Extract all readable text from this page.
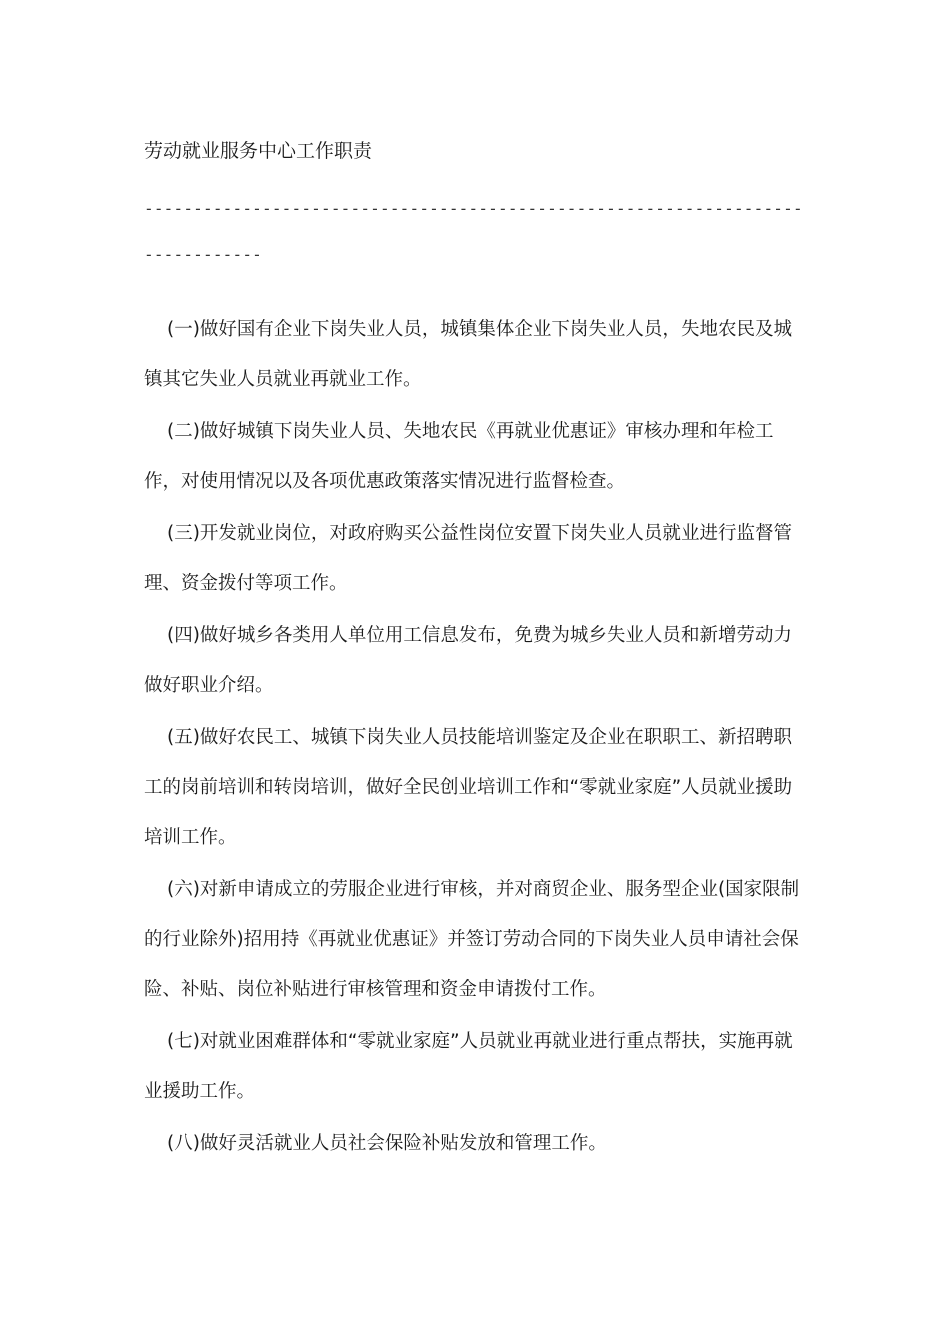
劳动就业服务中心工作职责
-------------------------------------------------------------------------------

(一)做好国有企业下岗失业人员，城镇集体企业下岗失业人员，失地农民及城镇其它失业人员就业再就业工作。

(二)做好城镇下岗失业人员、失地农民《再就业优惠证》审核办理和年检工作，对使用情况以及各项优惠政策落实情况进行监督检查。

(三)开发就业岗位，对政府购买公益性岗位安置下岗失业人员就业进行监督管理、资金拨付等项工作。

(四)做好城乡各类用人单位用工信息发布，免费为城乡失业人员和新增劳动力做好职业介绍。

(五)做好农民工、城镇下岗失业人员技能培训鉴定及企业在职职工、新招聘职工的岗前培训和转岗培训，做好全民创业培训工作和“零就业家庭”人员就业援助培训工作。

(六)对新申请成立的劳服企业进行审核，并对商贸企业、服务型企业(国家限制的行业除外)招用持《再就业优惠证》并签订劳动合同的下岗失业人员申请社会保险、补贴、岗位补贴进行审核管理和资金申请拨付工作。

(七)对就业困难群体和“零就业家庭”人员就业再就业进行重点帮扶，实施再就业援助工作。

(八)做好灵活就业人员社会保险补贴发放和管理工作。
